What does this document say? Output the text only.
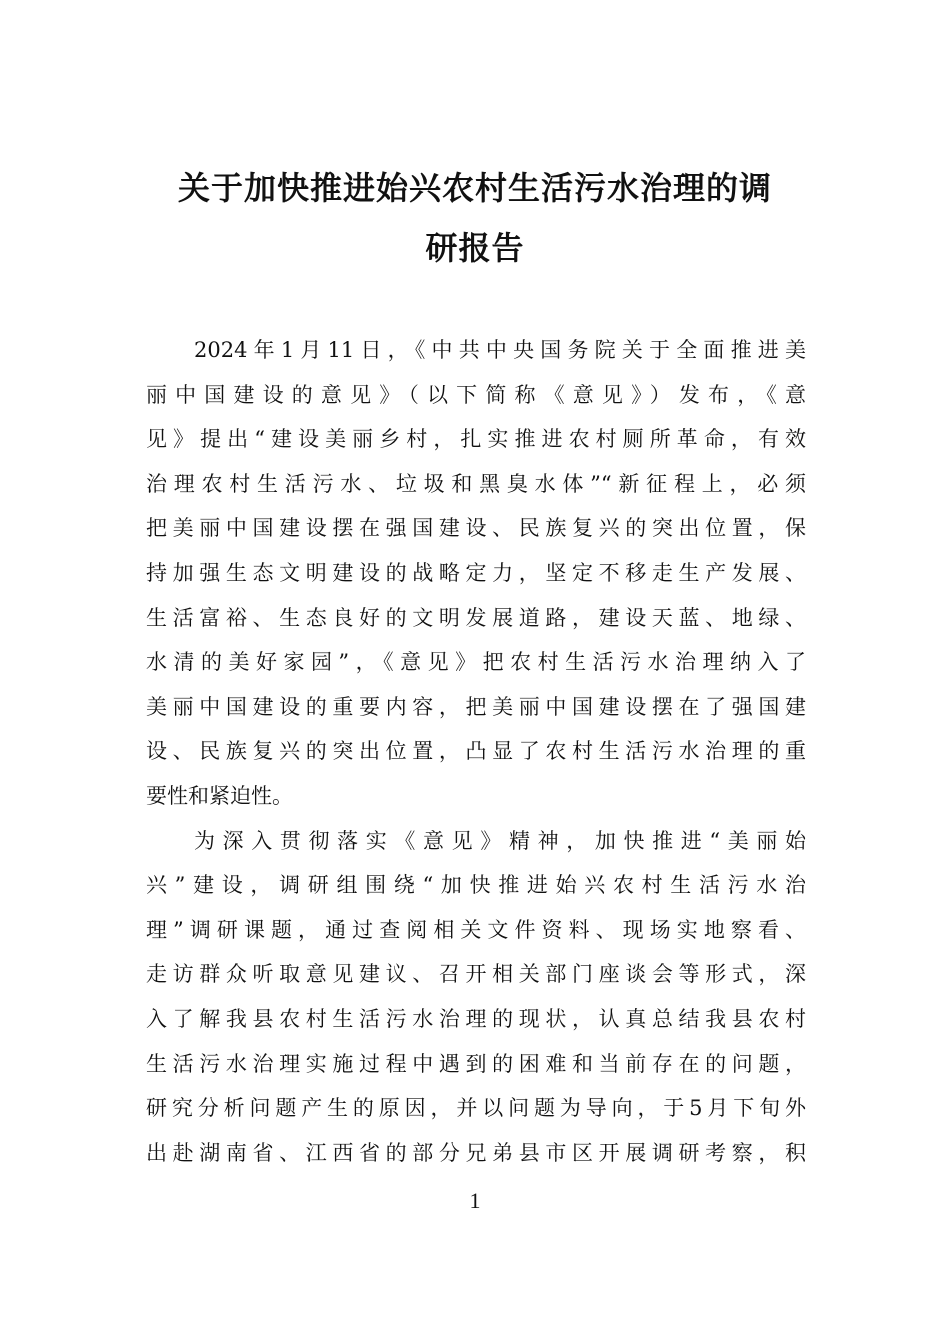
关于加快推进始兴农村生活污水治理的调
研报告
2024年1月11日，《中共中央国务院关于全面推进美
丽中国建设的意见》（以下简称《意见》）发布，《意
见》提出“建设美丽乡村，扎实推进农村厕所革命，有效
治理农村生活污水、垃圾和黑臭水体”“新征程上，必须
把美丽中国建设摆在强国建设、民族复兴的突出位置，保
持加强生态文明建设的战略定力，坚定不移走生产发展、
生活富裕、生态良好的文明发展道路，建设天蓝、地绿、
水清的美好家园”，《意见》把农村生活污水治理纳入了
美丽中国建设的重要内容，把美丽中国建设摆在了强国建
设、民族复兴的突出位置，凸显了农村生活污水治理的重
要性和紧迫性。
为深入贯彻落实《意见》精神，加快推进“美丽始
兴”建设，调研组围绕“加快推进始兴农村生活污水治
理”调研课题，通过查阅相关文件资料、现场实地察看、
走访群众听取意见建议、召开相关部门座谈会等形式，深
入了解我县农村生活污水治理的现状，认真总结我县农村
生活污水治理实施过程中遇到的困难和当前存在的问题，
研究分析问题产生的原因，并以问题为导向，于5月下旬外
出赴湖南省、江西省的部分兄弟县市区开展调研考察，积
1
